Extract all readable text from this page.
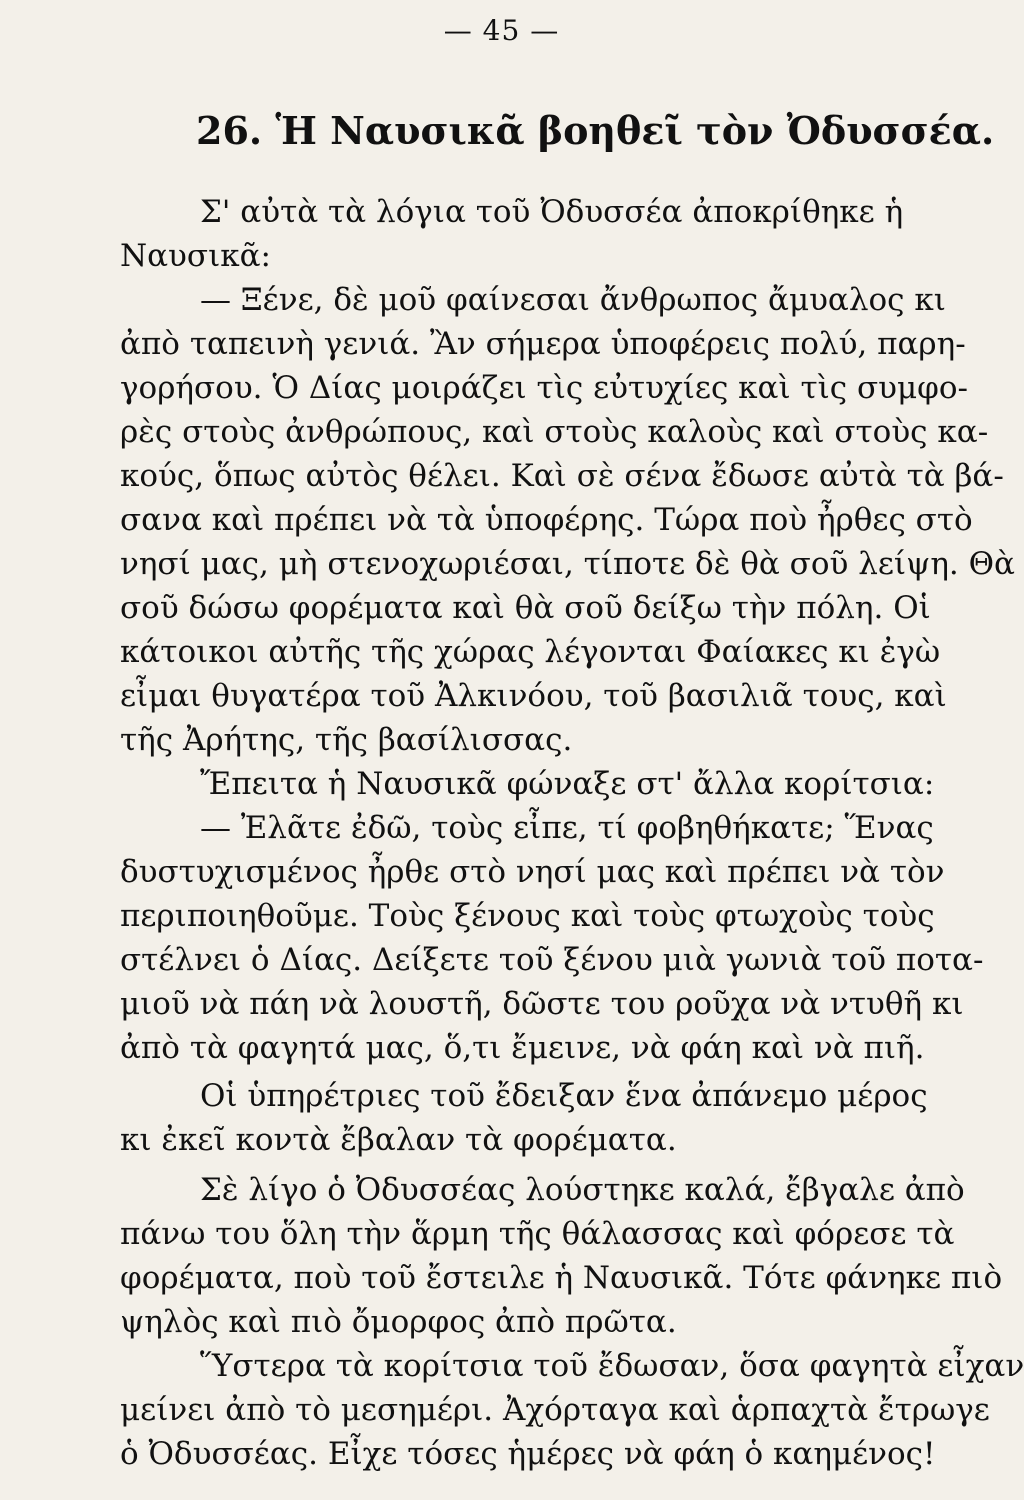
— 45 —
26. Ἡ Ναυσικᾶ βοηθεῖ τὸν Ὀδυσσέα.
Σ' αὐτὰ τὰ λόγια τοῦ Ὀδυσσέα ἀποκρίθηκε ἡ
Ναυσικᾶ:
— Ξένε, δὲ μοῦ φαίνεσαι ἄνθρωπος ἄμυαλος κι
ἀπὸ ταπεινὴ γενιά. Ἂν σήμερα ὑποφέρεις πολύ, παρη-
γορήσου. Ὁ Δίας μοιράζει τὶς εὐτυχίες καὶ τὶς συμφο-
ρὲς στοὺς ἀνθρώπους, καὶ στοὺς καλοὺς καὶ στοὺς κα-
κούς, ὅπως αὐτὸς θέλει. Καὶ σὲ σένα ἔδωσε αὐτὰ τὰ βά-
σανα καὶ πρέπει νὰ τὰ ὑποφέρης. Τώρα ποὺ ἦρθες στὸ
νησί μας, μὴ στενοχωριέσαι, τίποτε δὲ θὰ σοῦ λείψη. Θὰ
σοῦ δώσω φορέματα καὶ θὰ σοῦ δείξω τὴν πόλη. Οἱ
κάτοικοι αὐτῆς τῆς χώρας λέγονται Φαίακες κι ἐγὼ
εἶμαι θυγατέρα τοῦ Ἀλκινόου, τοῦ βασιλιᾶ τους, καὶ
τῆς Ἀρήτης, τῆς βασίλισσας.
Ἔπειτα ἡ Ναυσικᾶ φώναξε στ' ἄλλα κορίτσια:
— Ἐλᾶτε ἐδῶ, τοὺς εἶπε, τί φοβηθήκατε; Ἕνας
δυστυχισμένος ἦρθε στὸ νησί μας καὶ πρέπει νὰ τὸν
περιποιηθοῦμε. Τοὺς ξένους καὶ τοὺς φτωχοὺς τοὺς
στέλνει ὁ Δίας. Δείξετε τοῦ ξένου μιὰ γωνιὰ τοῦ ποτα-
μιοῦ νὰ πάη νὰ λουστῆ, δῶστε του ροῦχα νὰ ντυθῆ κι
ἀπὸ τὰ φαγητά μας, ὅ,τι ἔμεινε, νὰ φάη καὶ νὰ πιῆ.
Οἱ ὑπηρέτριες τοῦ ἔδειξαν ἕνα ἀπάνεμο μέρος
κι ἐκεῖ κοντὰ ἔβαλαν τὰ φορέματα.
Σὲ λίγο ὁ Ὀδυσσέας λούστηκε καλά, ἔβγαλε ἀπὸ
πάνω του ὅλη τὴν ἅρμη τῆς θάλασσας καὶ φόρεσε τὰ
φορέματα, ποὺ τοῦ ἔστειλε ἡ Ναυσικᾶ. Τότε φάνηκε πιὸ
ψηλὸς καὶ πιὸ ὄμορφος ἀπὸ πρῶτα.
Ὕστερα τὰ κορίτσια τοῦ ἔδωσαν, ὅσα φαγητὰ εἶχαν
μείνει ἀπὸ τὸ μεσημέρι. Ἀχόρταγα καὶ ἁρπαχτὰ ἔτρωγε
ὁ Ὀδυσσέας. Εἶχε τόσες ἡμέρες νὰ φάη ὁ καημένος!
